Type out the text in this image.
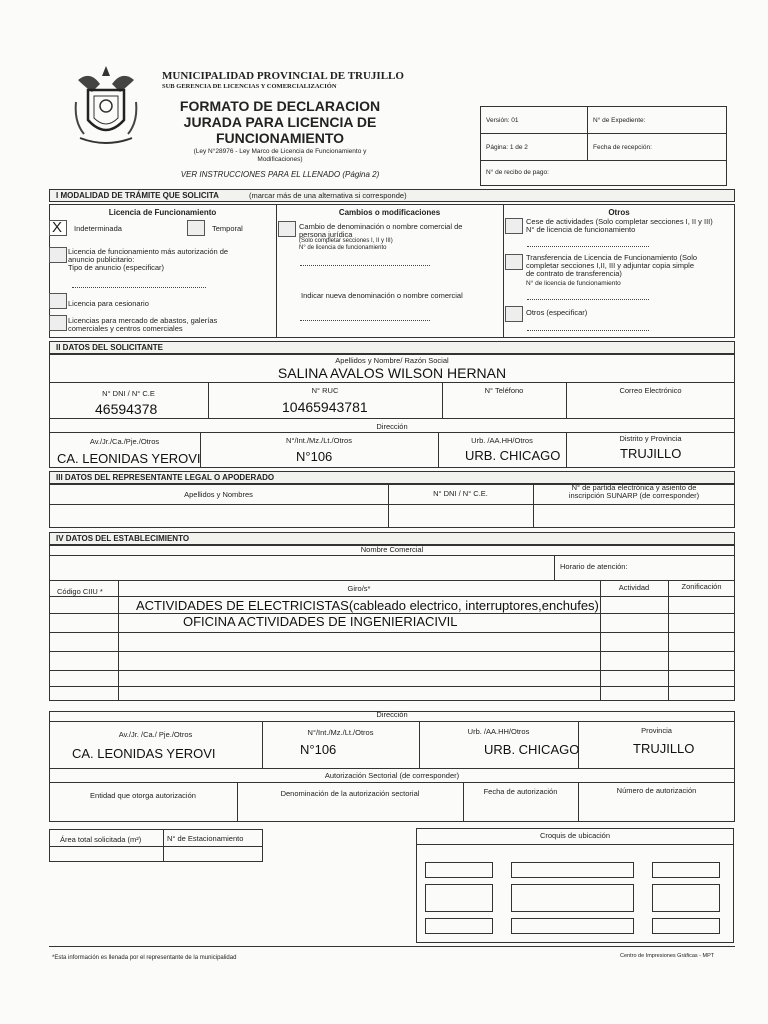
MUNICIPALIDAD PROVINCIAL DE TRUJILLO
SUB GERENCIA DE LICENCIAS Y COMERCIALIZACIÓN
FORMATO DE DECLARACION
JURADA PARA LICENCIA DE
FUNCIONAMIENTO
(Ley N°28976 - Ley Marco de Licencia de Funcionamiento y
Modificaciones)
VER INSTRUCCIONES PARA EL LLENADO (Página 2)
Versión: 01	N° de Expediente:
Página: 1 de 2	Fecha de recepción:
N° de recibo de pago:
I MODALIDAD DE TRÁMITE QUE SOLICITA	(marcar más de una alternativa si corresponde)
Licencia de Funcionamiento	Cambios o modificaciones	Otros
X Indeterminada	Temporal
Licencia de funcionamiento más autorización de
anuncio publicitario:
Tipo de anuncio (especificar)
Licencia para cesionario
Licencias para mercado de abastos, galerías
comerciales y centros comerciales
Cambio de denominación o nombre comercial de
persona jurídica
(Solo completar secciones I, II y III)
N° de licencia de funcionamiento
Indicar nueva denominación o nombre comercial
Cese de actividades (Solo completar secciones I, II y III)
N° de licencia de funcionamiento
Transferencia de Licencia de Funcionamiento (Solo
completar secciones I,II, III y adjuntar copia simple
de contrato de transferencia)
N° de licencia de funcionamiento
Otros (especificar)
II DATOS DEL SOLICITANTE
Apellidos y Nombre/ Razón Social
SALINA AVALOS WILSON HERNAN
N° DNI / N° C.E	N° RUC	N° Teléfono	Correo Electrónico
46594378	10465943781
Dirección
Av./Jr./Ca./Pje./Otros	N°/Int./Mz./Lt./Otros	Urb. /AA.HH/Otros	Distrito y Provincia
CA. LEONIDAS YEROVI	N°106	URB. CHICAGO	TRUJILLO
III DATOS DEL REPRESENTANTE LEGAL O APODERADO
Apellidos y Nombres	N° DNI / N° C.E.
N° de partida electrónica y asiento de
inscripción SUNARP (de corresponder)
IV DATOS DEL ESTABLECIMIENTO
Nombre Comercial
Horario de atención:
Código CIIU *	Giro/s*	Actividad	Zonificación
ACTIVIDADES DE ELECTRICISTAS(cableado electrico, interruptores,enchufes)
OFICINA ACTIVIDADES DE INGENIERIACIVIL
Dirección
Av./Jr. /Ca./ Pje./Otros	N°/Int./Mz./Lt./Otros	Urb. /AA.HH/Otros	Provincia
CA. LEONIDAS YEROVI	N°106	URB. CHICAGO	TRUJILLO
Autorización Sectorial (de corresponder)
Entidad que otorga autorización	Denominación de la autorización sectorial	Fecha de autorización	Número de autorización
Área total solicitada (m²)	N° de Estacionamiento	Croquis de ubicación
*Esta información es llenada por el representante de la municipalidad	Centro de Impresiones Gráficas - MPT
